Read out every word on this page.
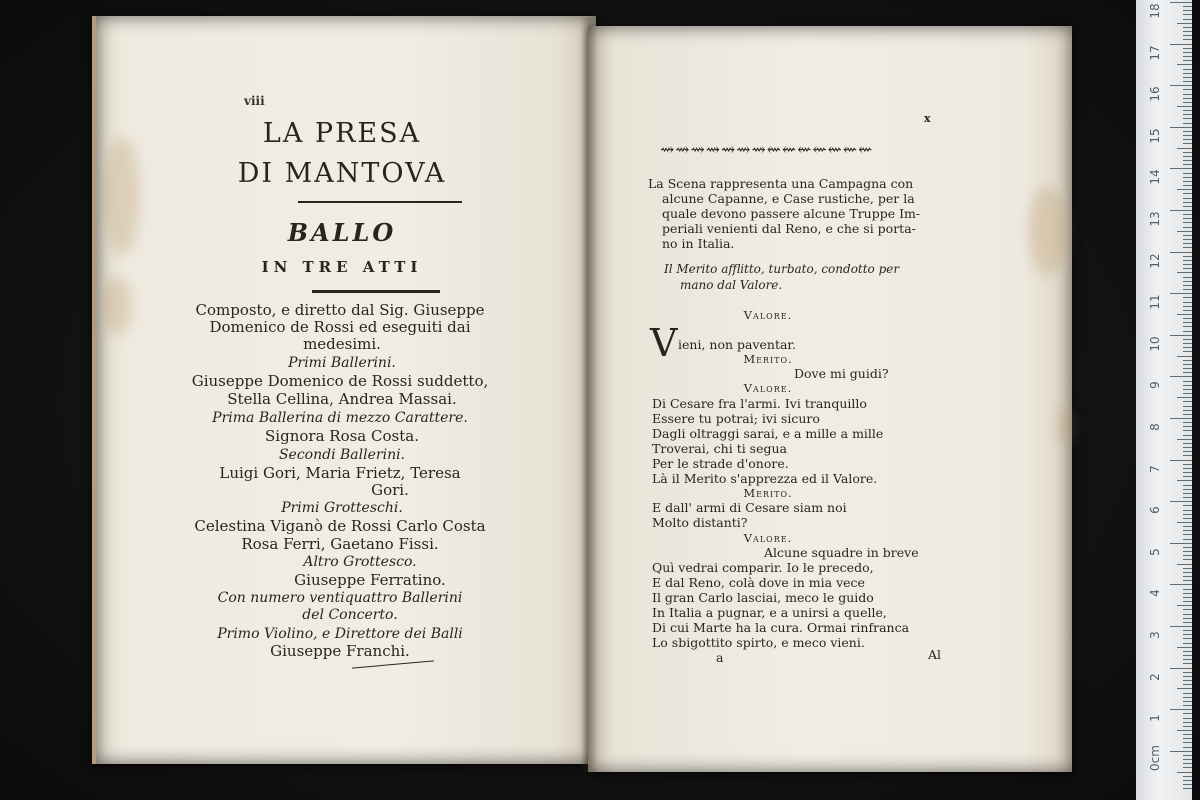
viii
LA PRESA
DI MANTOVA
BALLO
IN TRE ATTI
Composto, e diretto dal Sig. Giuseppe
Domenico de Rossi ed eseguiti dai
medesimi.
Primi Ballerini.
Giuseppe Domenico de Rossi suddetto,
Stella Cellina, Andrea Massai.
Prima Ballerina di mezzo Carattere.
Signora Rosa Costa.
Secondi Ballerini.
Luigi Gori, Maria Frietz, Teresa
Gori.
Primi Grotteschi.
Celestina Viganò de Rossi Carlo Costa
Rosa Ferri, Gaetano Fissi.
Altro Grottesco.
Giuseppe Ferratino.
Con numero ventiquattro Ballerini
del Concerto.
Primo Violino, e Direttore dei Balli
Giuseppe Franchi.
x
⇝⇝⇝⇝⇝⇝⇝⇜⇜⇜⇜⇜⇜⇜
La Scena rappresenta una Campagna con
alcune Capanne, e Case rustiche, per la
quale devono passere alcune Truppe Im-
periali venienti dal Reno, e che si porta-
no in Italia.
Il Merito afflitto, turbato, condotto per
mano dal Valore.
Valore.
V ieni, non paventar.
Merito.
Dove mi guidi?
Valore.
Di Cesare fra l'armi. Ivi tranquillo
Essere tu potrai; ivi sicuro
Dagli oltraggi sarai, e a mille a mille
Troverai, chi ti segua
Per le strade d'onore.
Là il Merito s'apprezza ed il Valore.
Merito.
E dall' armi di Cesare siam noi
Molto distanti?
Valore.
Alcune squadre in breve
Quì vedrai comparir. Io le precedo,
E dal Reno, colà dove in mia vece
Il gran Carlo lasciai, meco le guido
In Italia a pugnar, e a unirsi a quelle,
Di cui Marte ha la cura. Ormai rinfranca
Lo sbigottito spirto, e meco vieni.
a	Al
18
17
16
15
14
13
12
11
10
9
8
7
6
5
4
3
2
1
0cm
